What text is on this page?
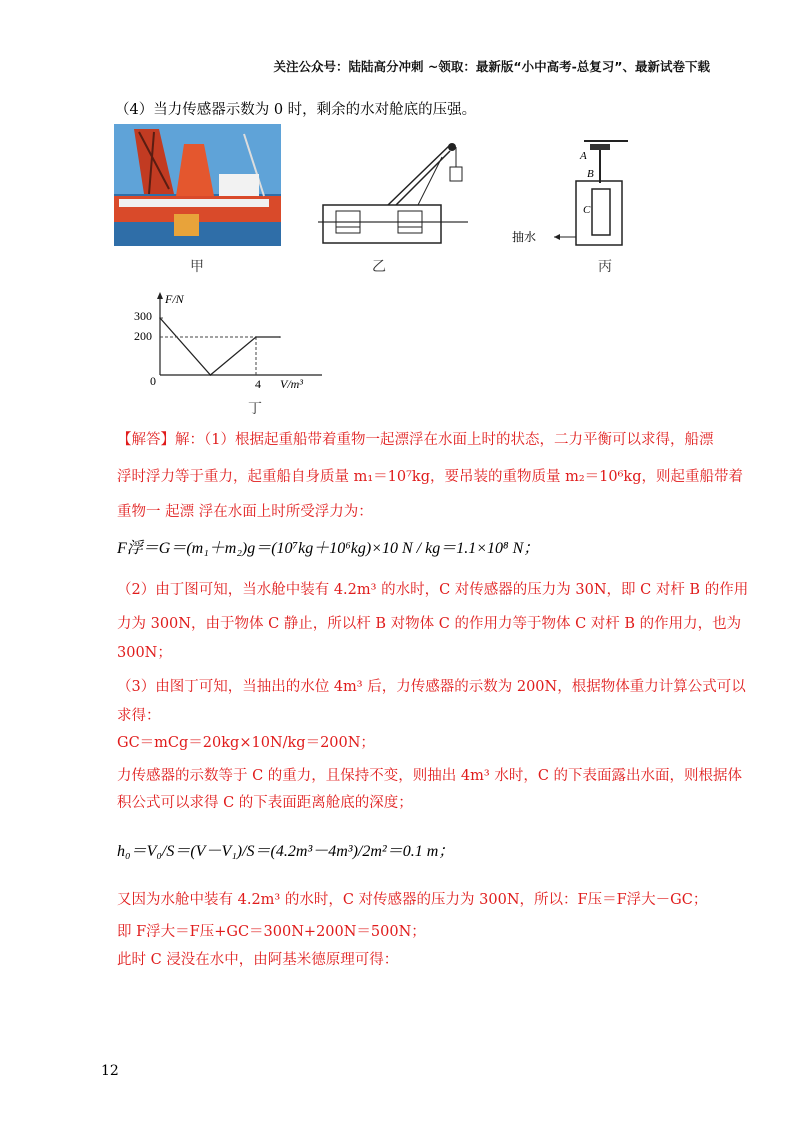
关注公众号：陆陆高分冲刺 ~领取：最新版“小中高考-总复习”、最新试卷下载
（4）当力传感器示数为 0 时，剩余的水对舱底的压强。
甲	乙
A
B
C
抽水
丙
F/N
V/m³
300
200
0	4
丁
【解答】解：（1）根据起重船带着重物一起漂浮在水面上时的状态，二力平衡可以求得，船漂
浮时浮力等于重力，起重船自身质量 m₁＝10⁷kg，要吊装的重物质量 m₂＝10⁶kg，则起重船带着
重物一 起漂 浮在水面上时所受浮力为：
F浮＝G＝(m₁＋m₂)g＝(10⁷kg＋10⁶kg)×10 N / kg＝1.1×10⁸ N；
（2）由丁图可知，当水舱中装有 4.2m³ 的水时，C 对传感器的压力为 30N，即 C 对杆 B 的作用
力为 300N，由于物体 C 静止，所以杆 B 对物体 C 的作用力等于物体 C 对杆 B 的作用力，也为
300N；
（3）由图丁可知，当抽出的水位 4m³ 后，力传感器的示数为 200N，根据物体重力计算公式可以
求得：
GC＝mCg＝20kg×10N/kg＝200N；
力传感器的示数等于 C 的重力，且保持不变，则抽出 4m³ 水时，C 的下表面露出水面，则根据体
积公式可以求得 C 的下表面距离舱底的深度；
h₀＝V₀/S＝(V－V₁)/S＝(4.2m³－4m³)/2m²＝0.1 m；
又因为水舱中装有 4.2m³ 的水时，C 对传感器的压力为 300N，所以：F压＝F浮大－GC；
即 F浮大＝F压+GC＝300N+200N＝500N；
此时 C 浸没在水中，由阿基米德原理可得：
12
